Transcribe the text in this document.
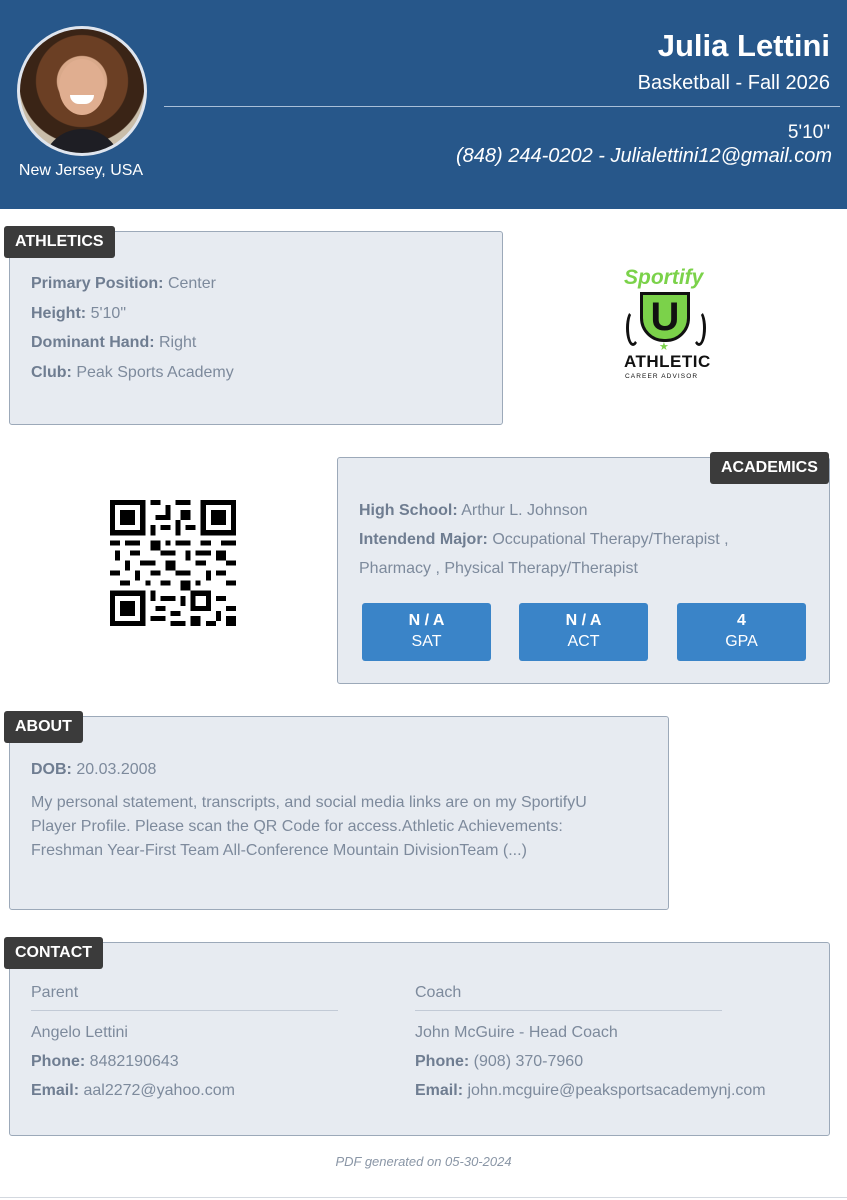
New Jersey, USA
Julia Lettini
Basketball - Fall 2026
5'10"
(848) 244-0202 - Julialettini12@gmail.com
ATHLETICS
Primary Position: Center
Height: 5'10"
Dominant Hand: Right
Club: Peak Sports Academy
Sportify
U
★
ATHLETIC
CAREER ADVISOR
ACADEMICS
High School: Arthur L. Johnson
Intendend Major: Occupational Therapy/Therapist ,
Pharmacy , Physical Therapy/Therapist
N / A
SAT
N / A
ACT
4
GPA
ABOUT
DOB: 20.03.2008
My personal statement, transcripts, and social media links are on my SportifyU
Player Profile. Please scan the QR Code for access.Athletic Achievements:
Freshman Year-First Team All-Conference Mountain DivisionTeam (...)
CONTACT
Parent
Angelo Lettini
Phone: 8482190643
Email: aal2272@yahoo.com
Coach
John McGuire - Head Coach
Phone: (908) 370-7960
Email: john.mcguire@peaksportsacademynj.com
PDF generated on 05-30-2024
